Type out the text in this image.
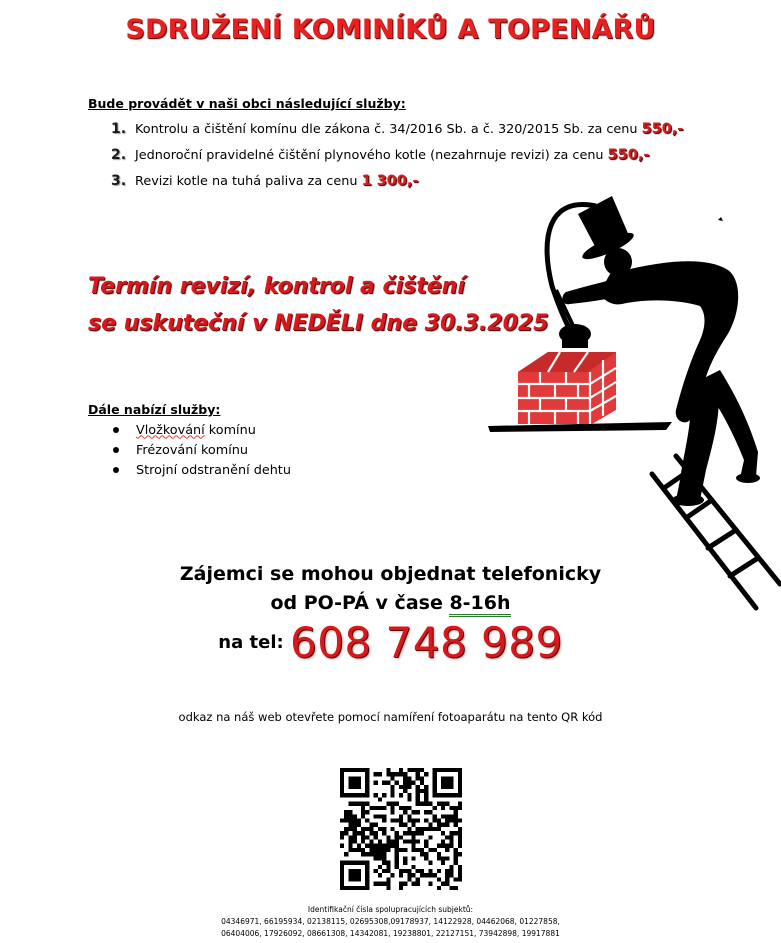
SDRUŽENÍ KOMINÍKŮ A TOPENÁŘŮ
Bude provádět v naši obci následující služby:
1. Kontrolu a čištění komínu dle zákona č. 34/2016 Sb. a č. 320/2015 Sb. za cenu 550,-
2. Jednoroční pravidelné čištění plynového kotle (nezahrnuje revizi) za cenu 550,-
3. Revizi kotle na tuhá paliva za cenu 1 300,-
Termín revizí, kontrol a čištění
se uskuteční v NEDĚLI dne 30.3.2025
Dále nabízí služby:
Vložkování komínu
Frézování komínu
Strojní odstranění dehtu
Zájemci se mohou objednat telefonicky
od PO-PÁ v čase 8-16h
na tel: 608 748 989
odkaz na náš web otevřete pomocí namíření fotoaparátu na tento QR kód
Identifikační čísla spolupracujících subjektů:
04346971, 66195934, 02138115, 02695308,09178937, 14122928, 04462068, 01227858,
06404006, 17926092, 08661308, 14342081, 19238801, 22127151, 73942898, 19917881
